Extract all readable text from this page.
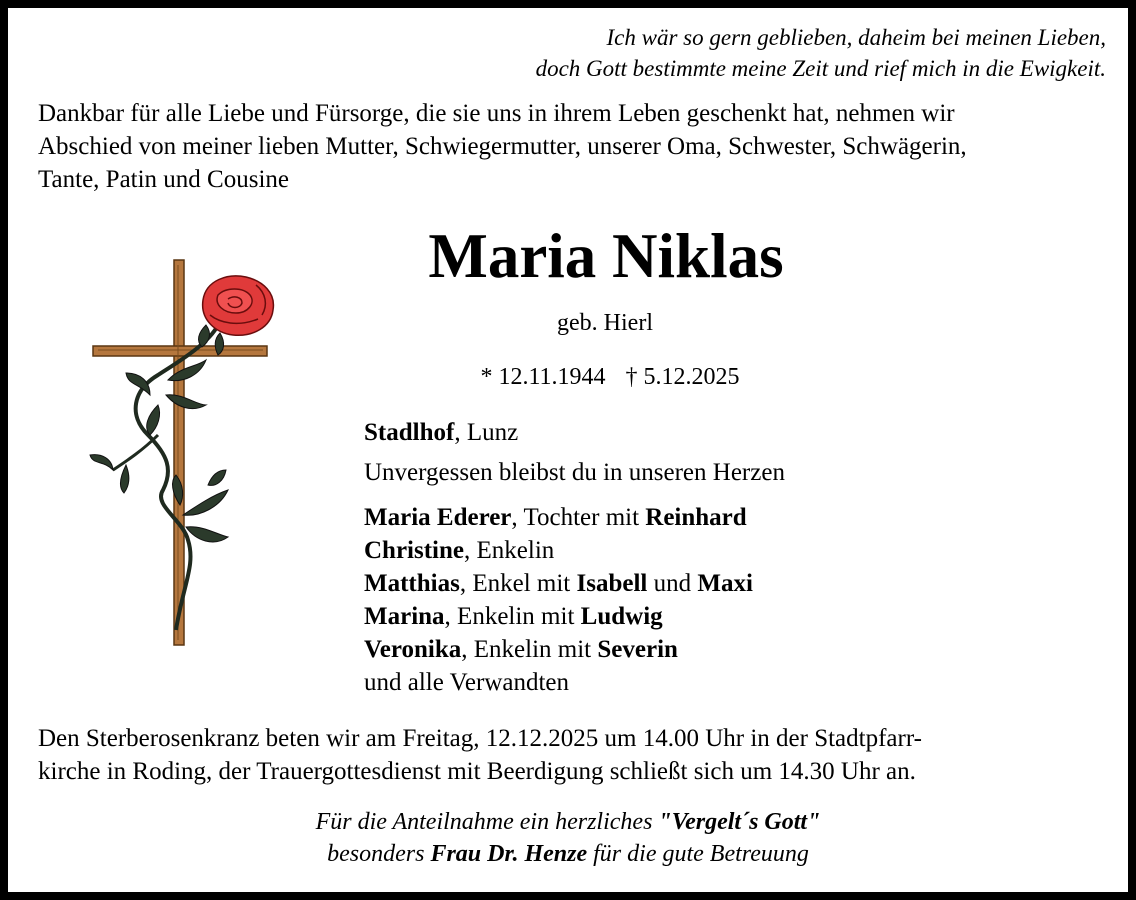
Ich wär so gern geblieben, daheim bei meinen Lieben,
doch Gott bestimmte meine Zeit und rief mich in die Ewigkeit.
Dankbar für alle Liebe und Fürsorge, die sie uns in ihrem Leben geschenkt hat, nehmen wir
Abschied von meiner lieben Mutter, Schwiegermutter, unserer Oma, Schwester, Schwägerin,
Tante, Patin und Cousine
Maria Niklas
geb. Hierl
* 12.11.1944 † 5.12.2025
Stadlhof, Lunz
Unvergessen bleibst du in unseren Herzen
Maria Ederer, Tochter mit Reinhard
Christine, Enkelin
Matthias, Enkel mit Isabell und Maxi
Marina, Enkelin mit Ludwig
Veronika, Enkelin mit Severin
und alle Verwandten
Den Sterberosenkranz beten wir am Freitag, 12.12.2025 um 14.00 Uhr in der Stadtpfarr-
kirche in Roding, der Trauergottesdienst mit Beerdigung schließt sich um 14.30 Uhr an.
Für die Anteilnahme ein herzliches "Vergelt´s Gott"
besonders Frau Dr. Henze für die gute Betreuung
